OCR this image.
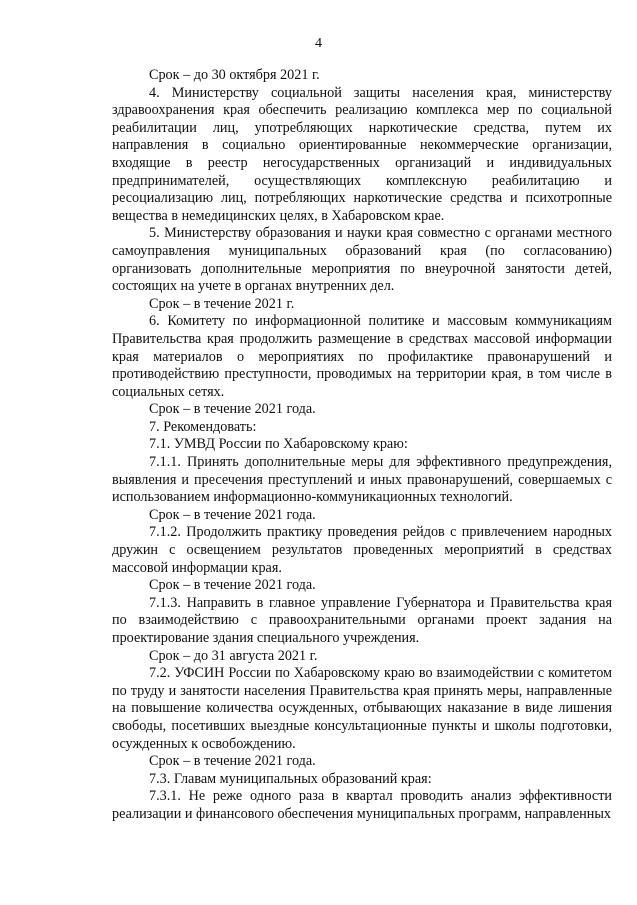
4

Срок – до 30 октября 2021 г.

4. Министерству социальной защиты населения края, министерству здравоохранения края обеспечить реализацию комплекса мер по социальной реабилитации лиц, употребляющих наркотические средства, путем их направления в социально ориентированные некоммерческие организации, входящие в реестр негосударственных организаций и индивидуальных предпринимателей, осуществляющих комплексную реабилитацию и ресоциализацию лиц, потребляющих наркотические средства и психотропные вещества в немедицинских целях, в Хабаровском крае.

5. Министерству образования и науки края совместно с органами местного самоуправления муниципальных образований края (по согласованию) организовать дополнительные мероприятия по внеурочной занятости детей, состоящих на учете в органах внутренних дел.

Срок – в течение 2021 г.

6. Комитету по информационной политике и массовым коммуникациям Правительства края продолжить размещение в средствах массовой информации края материалов о мероприятиях по профилактике правонарушений и противодействию преступности, проводимых на территории края, в том числе в социальных сетях.

Срок – в течение 2021 года.

7. Рекомендовать:

7.1. УМВД России по Хабаровскому краю:

7.1.1. Принять дополнительные меры для эффективного предупреждения, выявления и пресечения преступлений и иных правонарушений, совершаемых с использованием информационно-коммуникационных технологий.

Срок – в течение 2021 года.

7.1.2. Продолжить практику проведения рейдов с привлечением народных дружин с освещением результатов проведенных мероприятий в средствах массовой информации края.

Срок – в течение 2021 года.

7.1.3. Направить в главное управление Губернатора и Правительства края по взаимодействию с правоохранительными органами проект задания на проектирование здания специального учреждения.

Срок – до 31 августа 2021 г.

7.2. УФСИН России по Хабаровскому краю во взаимодействии с комитетом по труду и занятости населения Правительства края принять меры, направленные на повышение количества осужденных, отбывающих наказание в виде лишения свободы, посетивших выездные консультационные пункты и школы подготовки, осужденных к освобождению.

Срок – в течение 2021 года.

7.3. Главам муниципальных образований края:

7.3.1. Не реже одного раза в квартал проводить анализ эффективности реализации и финансового обеспечения муниципальных программ, направленных
